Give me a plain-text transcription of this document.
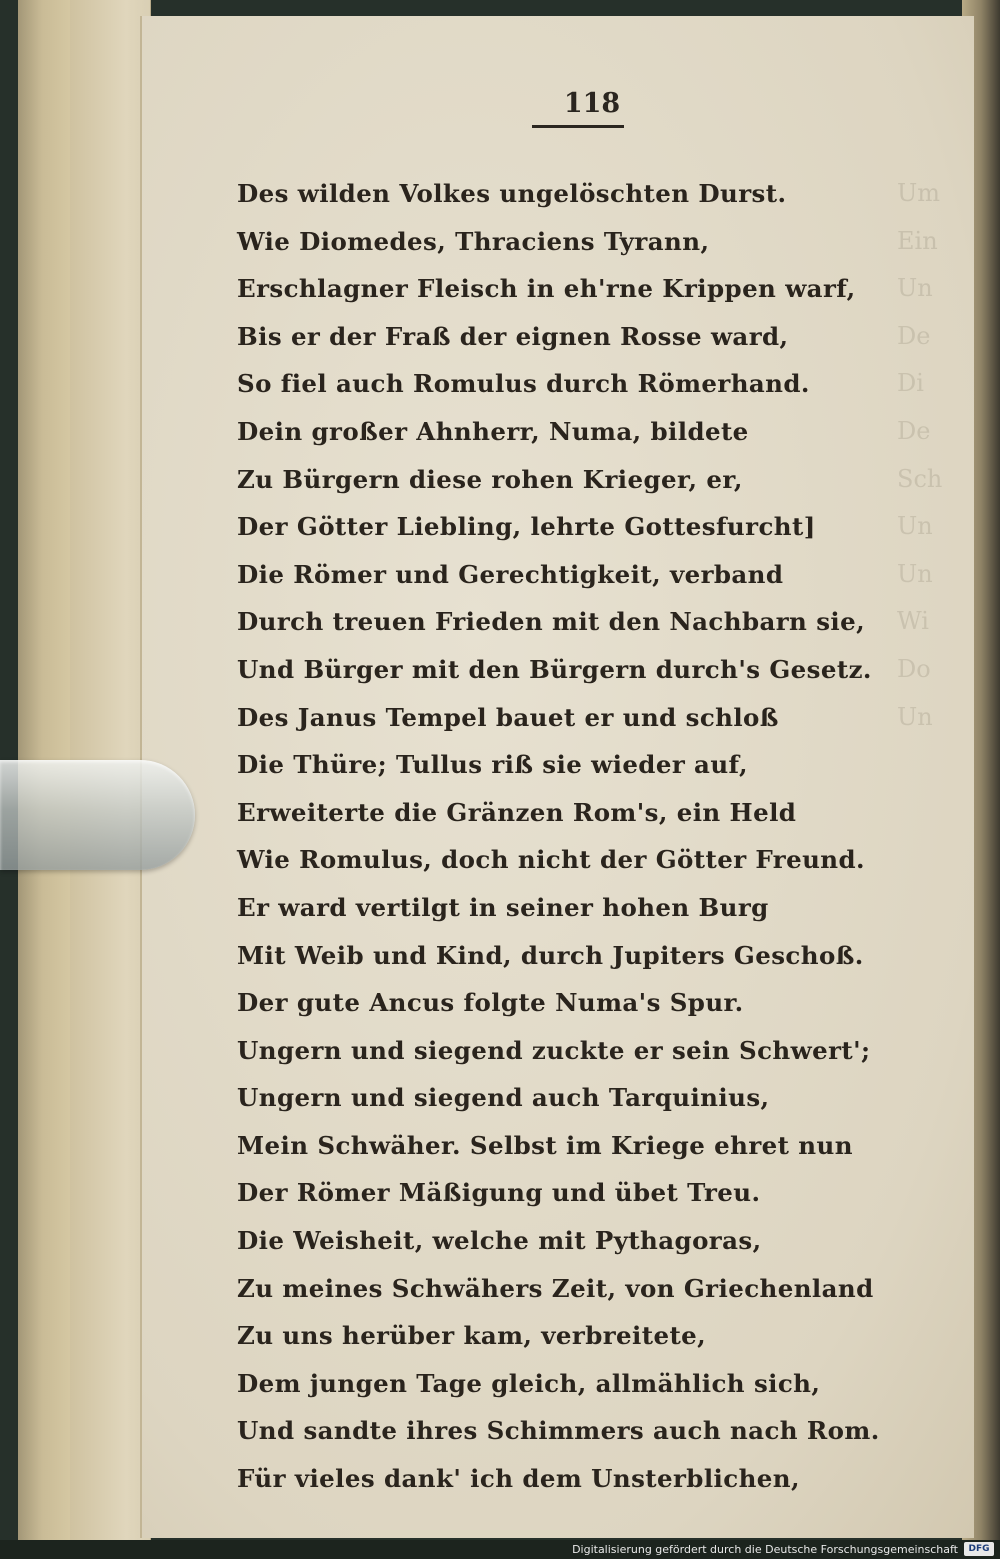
118
Um
Ein
Un
De
Di
De
Sch
Un
Un
Wi
Do
Un
Des wilden Volkes ungelöschten Durst.
Wie Diomedes, Thraciens Tyrann,
Erschlagner Fleisch in eh'rne Krippen warf,
Bis er der Fraß der eignen Rosse ward,
So fiel auch Romulus durch Römerhand.
Dein großer Ahnherr, Numa, bildete
Zu Bürgern diese rohen Krieger, er,
Der Götter Liebling, lehrte Gottesfurcht]
Die Römer und Gerechtigkeit, verband
Durch treuen Frieden mit den Nachbarn sie,
Und Bürger mit den Bürgern durch's Gesetz.
Des Janus Tempel bauet er und schloß
Die Thüre; Tullus riß sie wieder auf,
Erweiterte die Gränzen Rom's, ein Held
Wie Romulus, doch nicht der Götter Freund.
Er ward vertilgt in seiner hohen Burg
Mit Weib und Kind, durch Jupiters Geschoß.
Der gute Ancus folgte Numa's Spur.
Ungern und siegend zuckte er sein Schwert';
Ungern und siegend auch Tarquinius,
Mein Schwäher. Selbst im Kriege ehret nun
Der Römer Mäßigung und übet Treu.
Die Weisheit, welche mit Pythagoras,
Zu meines Schwähers Zeit, von Griechenland
Zu uns herüber kam, verbreitete,
Dem jungen Tage gleich, allmählich sich,
Und sandte ihres Schimmers auch nach Rom.
Für vieles dank' ich dem Unsterblichen,
Digitalisierung gefördert durch die Deutsche Forschungsgemeinschaft	DFG
